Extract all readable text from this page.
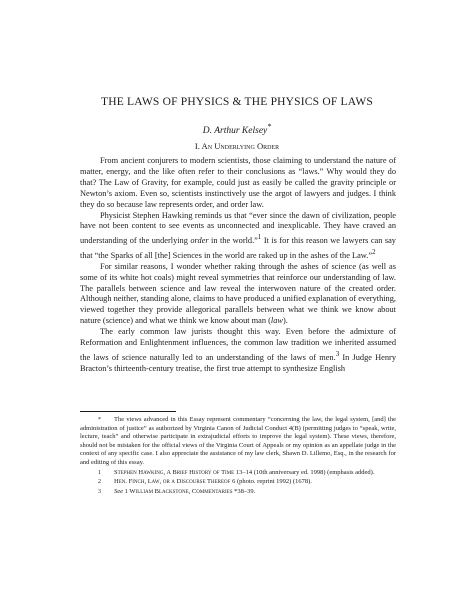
THE LAWS OF PHYSICS & THE PHYSICS OF LAWS
D. Arthur Kelsey*
I. An Underlying Order

From ancient conjurers to modern scientists, those claiming to understand the nature of matter, energy, and the like often refer to their conclusions as “laws.” Why would they do that? The Law of Gravity, for example, could just as easily be called the gravity principle or Newton’s axiom. Even so, scientists instinctively use the argot of lawyers and judges. I think they do so because law represents order, and order law.

Physicist Stephen Hawking reminds us that “ever since the dawn of civilization, people have not been content to see events as unconnected and inexplicable. They have craved an understanding of the underlying order in the world.”$^1$ It is for this reason we lawyers can say that “the Sparks of all [the] Sciences in the world are raked up in the ashes of the Law.”$^2$

For similar reasons, I wonder whether raking through the ashes of science (as well as some of its white hot coals) might reveal symmetries that reinforce our understanding of law. The parallels between science and law reveal the interwoven nature of the created order. Although neither, standing alone, claims to have produced a unified explanation of everything, viewed together they provide allegorical parallels between what we think we know about nature (science) and what we think we know about man (law).

The early common law jurists thought this way. Even before the admixture of Reformation and Enlightenment influences, the common law tradition we inherited assumed the laws of science naturally led to an understanding of the laws of men.$^3$ In Judge Henry Bracton’s thirteenth-century treatise, the first true attempt to synthesize English

* The views advanced in this Essay represent commentary “concerning the law, the legal system, [and] the administration of justice” as authorized by Virginia Canon of Judicial Conduct 4(B) (permitting judges to “speak, write, lecture, teach” and otherwise participate in extrajudicial efforts to improve the legal system). These views, therefore, should not be mistaken for the official views of the Virginia Court of Appeals or my opinion as an appellate judge in the context of any specific case. I also appreciate the assistance of my law clerk, Shawn D. Lillemo, Esq., in the research for and editing of this essay.

1 Stephen Hawking, A Brief History of Time 13–14 (10th anniversary ed. 1998) (emphasis added).

2 Hen. Finch, Law, or a Discourse Thereof 6 (photo. reprint 1992) (1678).

3 See 1 William Blackstone, Commentaries *38–39.
